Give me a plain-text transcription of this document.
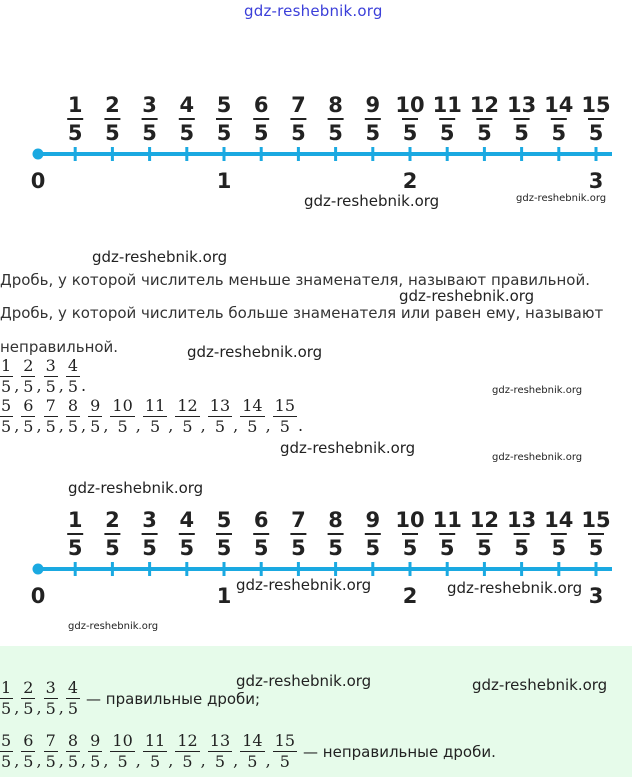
gdz-reshebnik.org
gdz-reshebnik.org	gdz-reshebnik.org
gdz-reshebnik.org
gdz-reshebnik.org
gdz-reshebnik.org
gdz-reshebnik.org
gdz-reshebnik.org
gdz-reshebnik.org
gdz-reshebnik.org
1
5
2
5
3
5
4
5
5
5
6
5
7
5
8
5
9
5
10
5
11
5
12
5
13
5
14
5
15
5
0	1	2	3
Дробь, у которой числитель меньше знаменателя, называют правильной.
Дробь, у которой числитель больше знаменателя или равен ему, называют
неправильной.
$\frac{1}{5}$ , $\frac{2}{5}$ , $\frac{3}{5}$ , $\frac{4}{5}$ .
$\frac{5}{5}$ , $\frac{6}{5}$ , $\frac{7}{5}$ , $\frac{8}{5}$ , $\frac{9}{5}$ , $\frac{10}{5}$ , $\frac{11}{5}$ , $\frac{12}{5}$ , $\frac{13}{5}$ , $\frac{14}{5}$ , $\frac{15}{5}$ .
1
5
2
5
3
5
4
5
5
5
6
5
7
5
8
5
9
5
10
5
11
5
12
5
13
5
14
5
15
5
0	1	2	3
gdz-reshebnik.org	gdz-reshebnik.org
gdz-reshebnik.org
gdz-reshebnik.org	gdz-reshebnik.org
$\frac{1}{5}$ , $\frac{2}{5}$ , $\frac{3}{5}$ , $\frac{4}{5}$ — правильные дроби;
$\frac{5}{5}$ , $\frac{6}{5}$ , $\frac{7}{5}$ , $\frac{8}{5}$ , $\frac{9}{5}$ , $\frac{10}{5}$ , $\frac{11}{5}$ , $\frac{12}{5}$ , $\frac{13}{5}$ , $\frac{14}{5}$ , $\frac{15}{5}$ — неправильные дроби.
